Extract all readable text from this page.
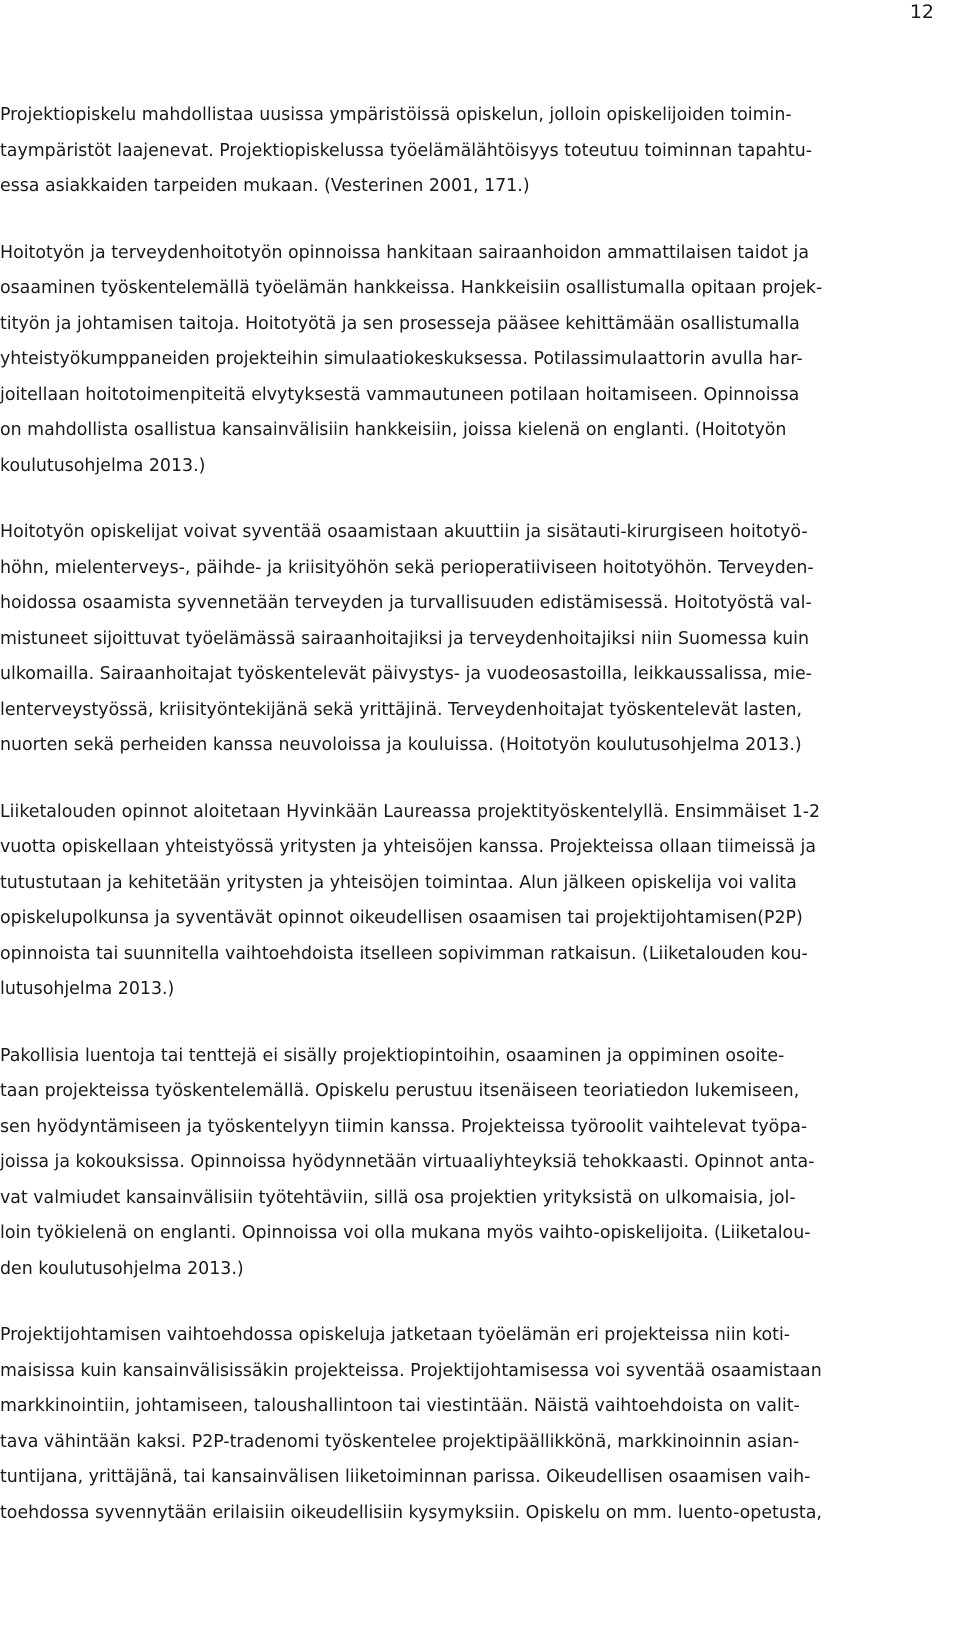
12
Projektiopiskelu mahdollistaa uusissa ympäristöissä opiskelun, jolloin opiskelijoiden toimin-
taympäristöt laajenevat. Projektiopiskelussa työelämälähtöisyys toteutuu toiminnan tapahtu-
essa asiakkaiden tarpeiden mukaan. (Vesterinen 2001, 171.)
Hoitotyön ja terveydenhoitotyön opinnoissa hankitaan sairaanhoidon ammattilaisen taidot ja
osaaminen työskentelemällä työelämän hankkeissa. Hankkeisiin osallistumalla opitaan projek-
tityön ja johtamisen taitoja. Hoitotyötä ja sen prosesseja pääsee kehittämään osallistumalla
yhteistyökumppaneiden projekteihin simulaatiokeskuksessa. Potilassimulaattorin avulla har-
joitellaan hoitotoimenpiteitä elvytyksestä vammautuneen potilaan hoitamiseen. Opinnoissa
on mahdollista osallistua kansainvälisiin hankkeisiin, joissa kielenä on englanti. (Hoitotyön
koulutusohjelma 2013.)
Hoitotyön opiskelijat voivat syventää osaamistaan akuuttiin ja sisätauti-kirurgiseen hoitotyö-
höhn, mielenterveys-, päihde- ja kriisityöhön sekä perioperatiiviseen hoitotyöhön. Terveyden-
hoidossa osaamista syvennetään terveyden ja turvallisuuden edistämisessä. Hoitotyöstä val-
mistuneet sijoittuvat työelämässä sairaanhoitajiksi ja terveydenhoitajiksi niin Suomessa kuin
ulkomailla. Sairaanhoitajat työskentelevät päivystys- ja vuodeosastoilla, leikkaussalissa, mie-
lenterveystyössä, kriisityöntekijänä sekä yrittäjinä. Terveydenhoitajat työskentelevät lasten,
nuorten sekä perheiden kanssa neuvoloissa ja kouluissa. (Hoitotyön koulutusohjelma 2013.)
Liiketalouden opinnot aloitetaan Hyvinkään Laureassa projektityöskentelyllä. Ensimmäiset 1-2
vuotta opiskellaan yhteistyössä yritysten ja yhteisöjen kanssa. Projekteissa ollaan tiimeissä ja
tutustutaan ja kehitetään yritysten ja yhteisöjen toimintaa. Alun jälkeen opiskelija voi valita
opiskelupolkunsa ja syventävät opinnot oikeudellisen osaamisen tai projektijohtamisen(P2P)
opinnoista tai suunnitella vaihtoehdoista itselleen sopivimman ratkaisun. (Liiketalouden kou-
lutusohjelma 2013.)
Pakollisia luentoja tai tenttejä ei sisälly projektiopintoihin, osaaminen ja oppiminen osoite-
taan projekteissa työskentelemällä. Opiskelu perustuu itsenäiseen teoriatiedon lukemiseen,
sen hyödyntämiseen ja työskentelyyn tiimin kanssa. Projekteissa työroolit vaihtelevat työpa-
joissa ja kokouksissa. Opinnoissa hyödynnetään virtuaaliyhteyksiä tehokkaasti. Opinnot anta-
vat valmiudet kansainvälisiin työtehtäviin, sillä osa projektien yrityksistä on ulkomaisia, jol-
loin työkielenä on englanti. Opinnoissa voi olla mukana myös vaihto-opiskelijoita. (Liiketalou-
den koulutusohjelma 2013.)
Projektijohtamisen vaihtoehdossa opiskeluja jatketaan työelämän eri projekteissa niin koti-
maisissa kuin kansainvälisissäkin projekteissa. Projektijohtamisessa voi syventää osaamistaan
markkinointiin, johtamiseen, taloushallintoon tai viestintään. Näistä vaihtoehdoista on valit-
tava vähintään kaksi. P2P-tradenomi työskentelee projektipäällikkönä, markkinoinnin asian-
tuntijana, yrittäjänä, tai kansainvälisen liiketoiminnan parissa. Oikeudellisen osaamisen vaih-
toehdossa syvennytään erilaisiin oikeudellisiin kysymyksiin. Opiskelu on mm. luento-opetusta,
